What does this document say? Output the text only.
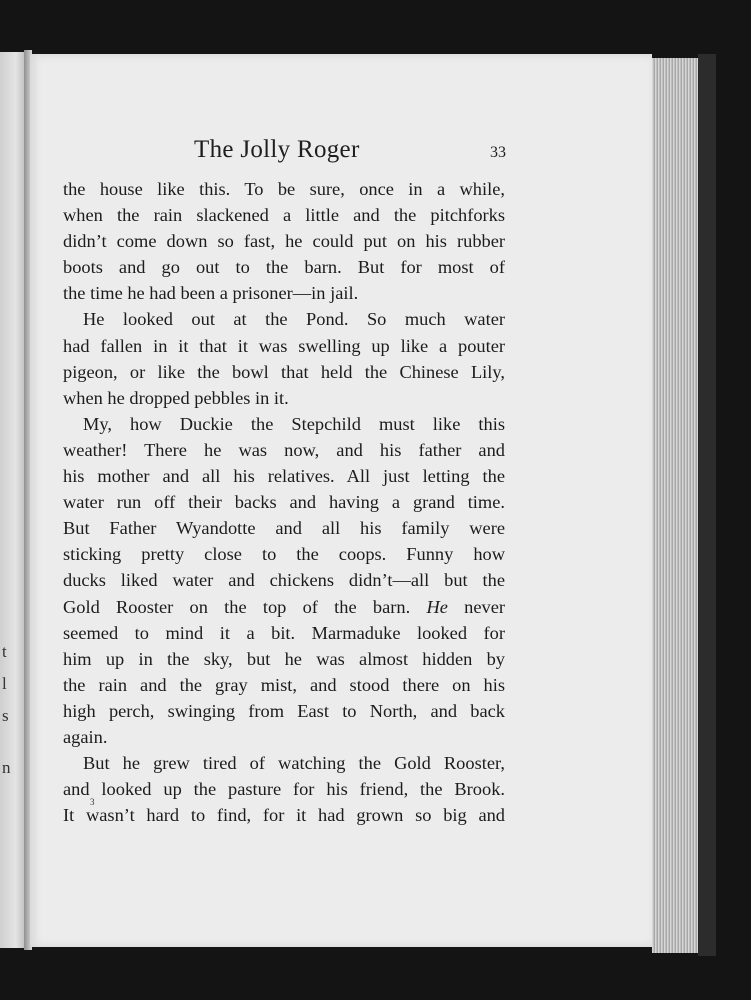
t
l
s
n
The Jolly Roger	33
the house like this. To be sure, once in a while,
when the rain slackened a little and the pitchforks
didn’t come down so fast, he could put on his rubber
boots and go out to the barn. But for most of
the time he had been a prisoner—in jail.
He looked out at the Pond. So much water
had fallen in it that it was swelling up like a pouter
pigeon, or like the bowl that held the Chinese Lily,
when he dropped pebbles in it.
My, how Duckie the Stepchild must like this
weather! There he was now, and his father and
his mother and all his relatives. All just letting the
water run off their backs and having a grand time.
But Father Wyandotte and all his family were
sticking pretty close to the coops. Funny how
ducks liked water and chickens didn’t—all but the
Gold Rooster on the top of the barn. He never
seemed to mind it a bit. Marmaduke looked for
him up in the sky, but he was almost hidden by
the rain and the gray mist, and stood there on his
high perch, swinging from East to North, and back
again.
But he grew tired of watching the Gold Rooster,
and looked up the pasture for his friend, the Brook.
It wasn’t hard to find, for it had grown so big and
3
